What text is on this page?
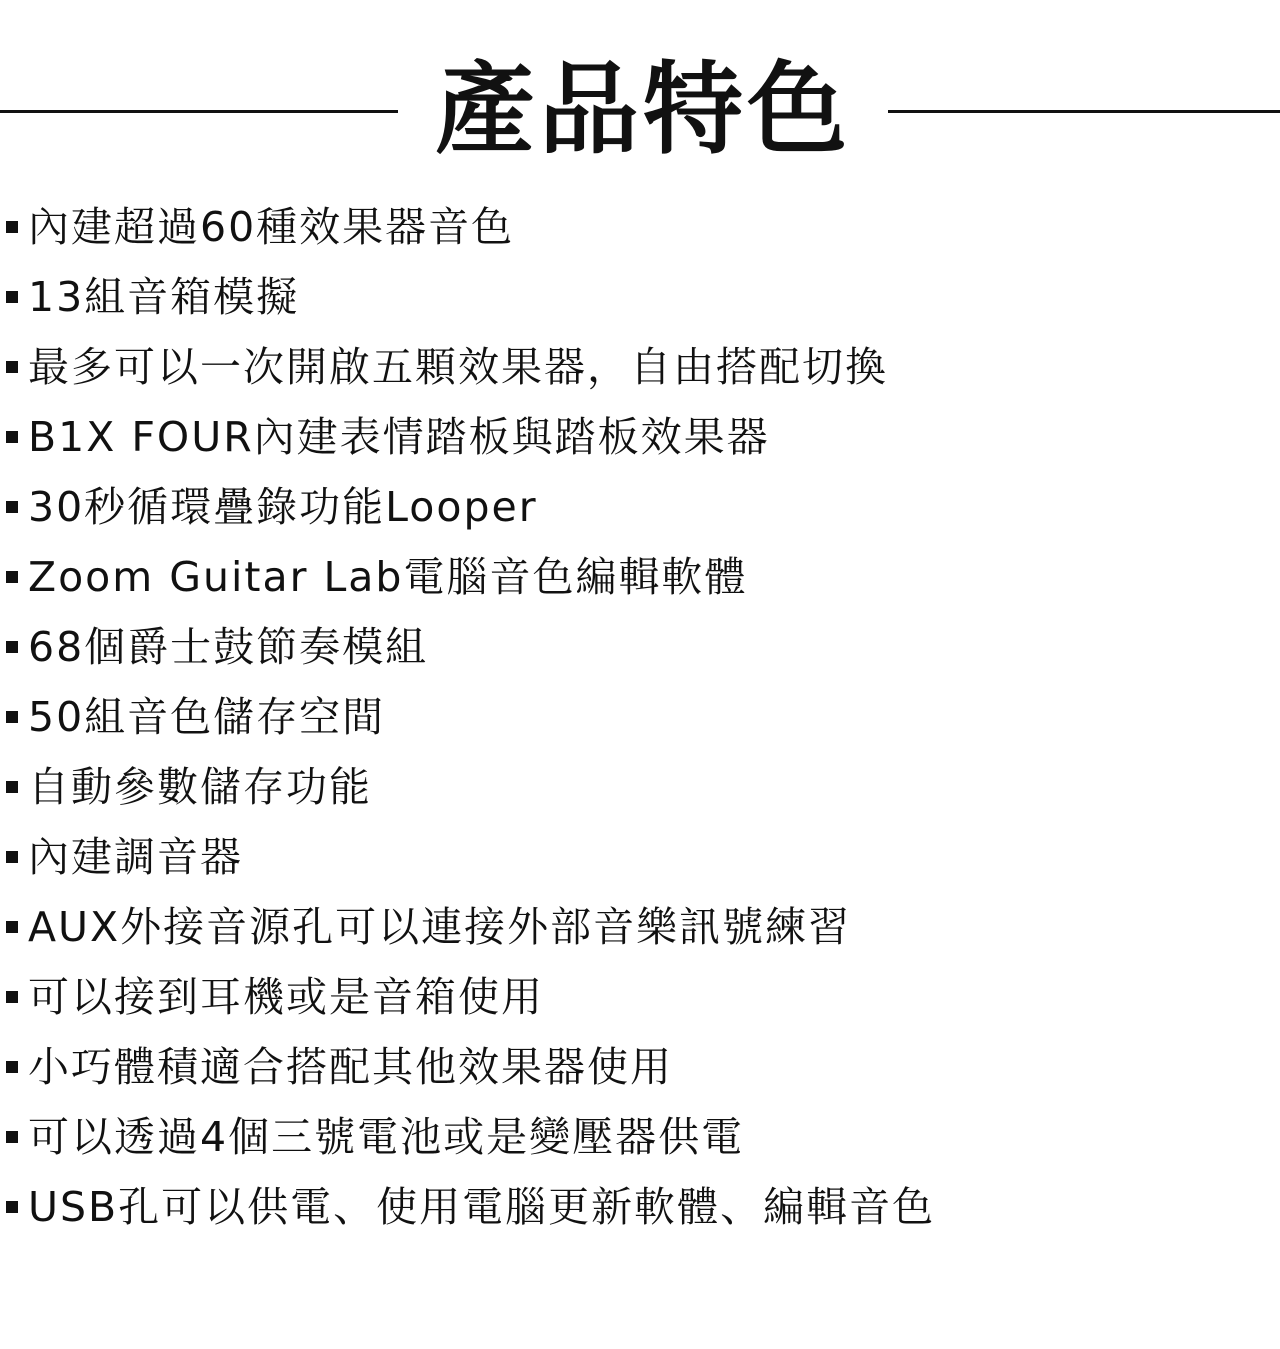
產品特色
內建超過60種效果器音色
13組音箱模擬
最多可以一次開啟五顆效果器，自由搭配切換
B1X FOUR內建表情踏板與踏板效果器
30秒循環疊錄功能Looper
Zoom Guitar Lab電腦音色編輯軟體
68個爵士鼓節奏模組
50組音色儲存空間
自動參數儲存功能
內建調音器
AUX外接音源孔可以連接外部音樂訊號練習
可以接到耳機或是音箱使用
小巧體積適合搭配其他效果器使用
可以透過4個三號電池或是變壓器供電
USB孔可以供電、使用電腦更新軟體、編輯音色
